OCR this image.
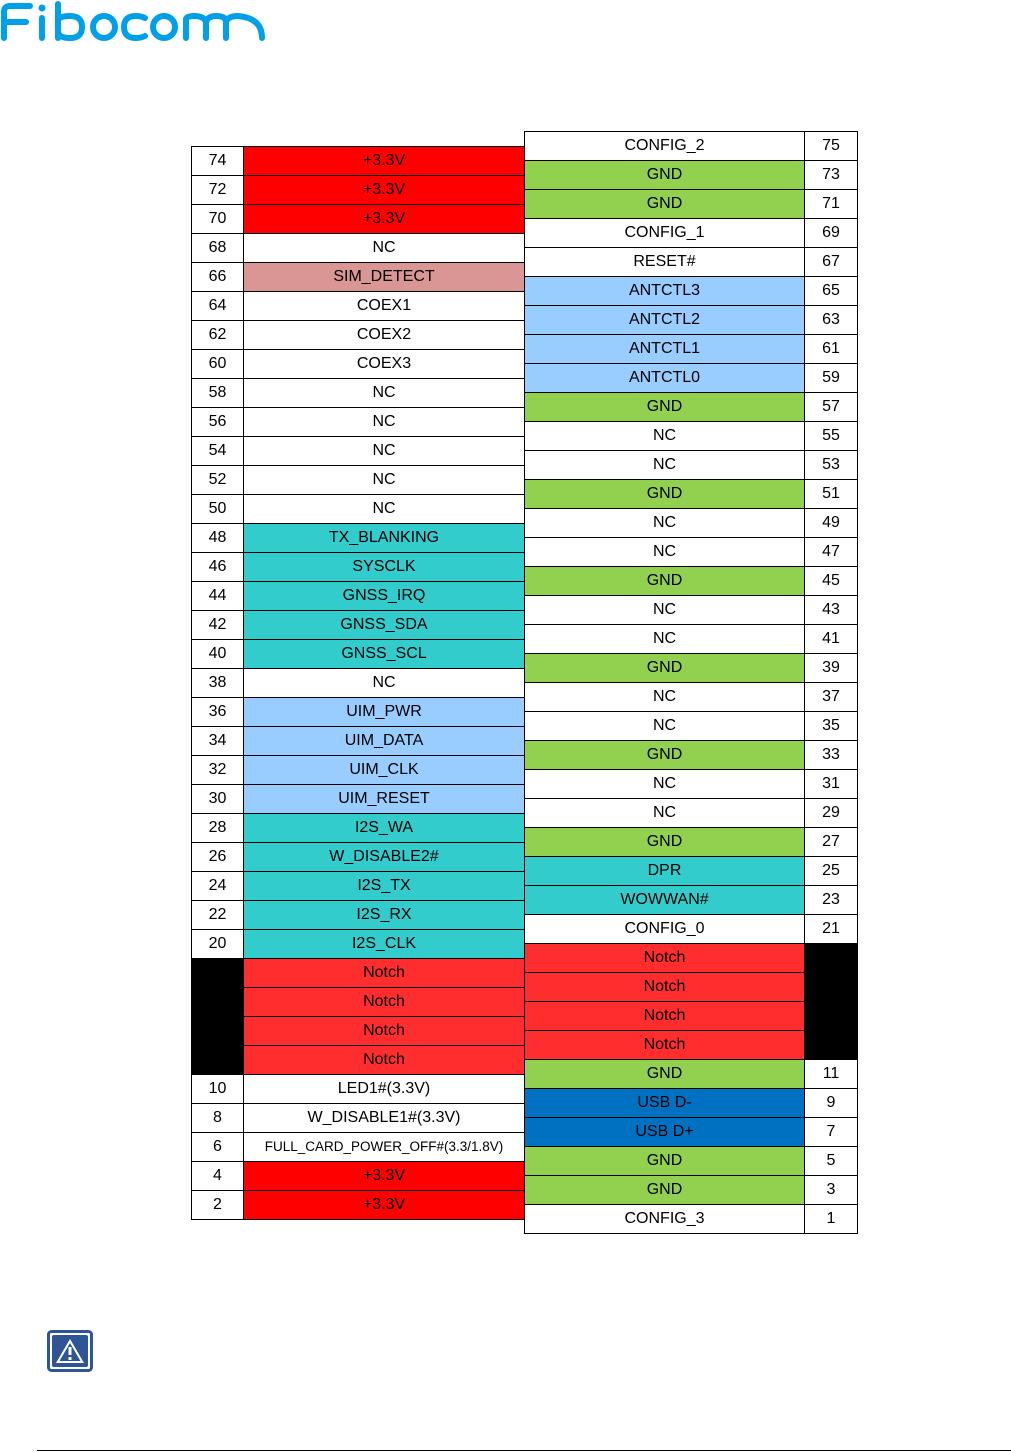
74	+3.3V
72	+3.3V
70	+3.3V
68	NC
66	SIM_DETECT
64	COEX1
62	COEX2
60	COEX3
58	NC
56	NC
54	NC
52	NC
50	NC
48	TX_BLANKING
46	SYSCLK
44	GNSS_IRQ
42	GNSS_SDA
40	GNSS_SCL
38	NC
36	UIM_PWR
34	UIM_DATA
32	UIM_CLK
30	UIM_RESET
28	I2S_WA
26	W_DISABLE2#
24	I2S_TX
22	I2S_RX
20	I2S_CLK
	Notch
	Notch
	Notch
	Notch
10	LED1#(3.3V)
8	W_DISABLE1#(3.3V)
6	FULL_CARD_POWER_OFF#(3.3/1.8V)
4	+3.3V
2	+3.3V
CONFIG_2	75
GND	73
GND	71
CONFIG_1	69
RESET#	67
ANTCTL3	65
ANTCTL2	63
ANTCTL1	61
ANTCTL0	59
GND	57
NC	55
NC	53
GND	51
NC	49
NC	47
GND	45
NC	43
NC	41
GND	39
NC	37
NC	35
GND	33
NC	31
NC	29
GND	27
DPR	25
WOWWAN#	23
CONFIG_0	21
Notch	
Notch	
Notch	
Notch	
GND	11
USB D-	9
USB D+	7
GND	5
GND	3
CONFIG_3	1
